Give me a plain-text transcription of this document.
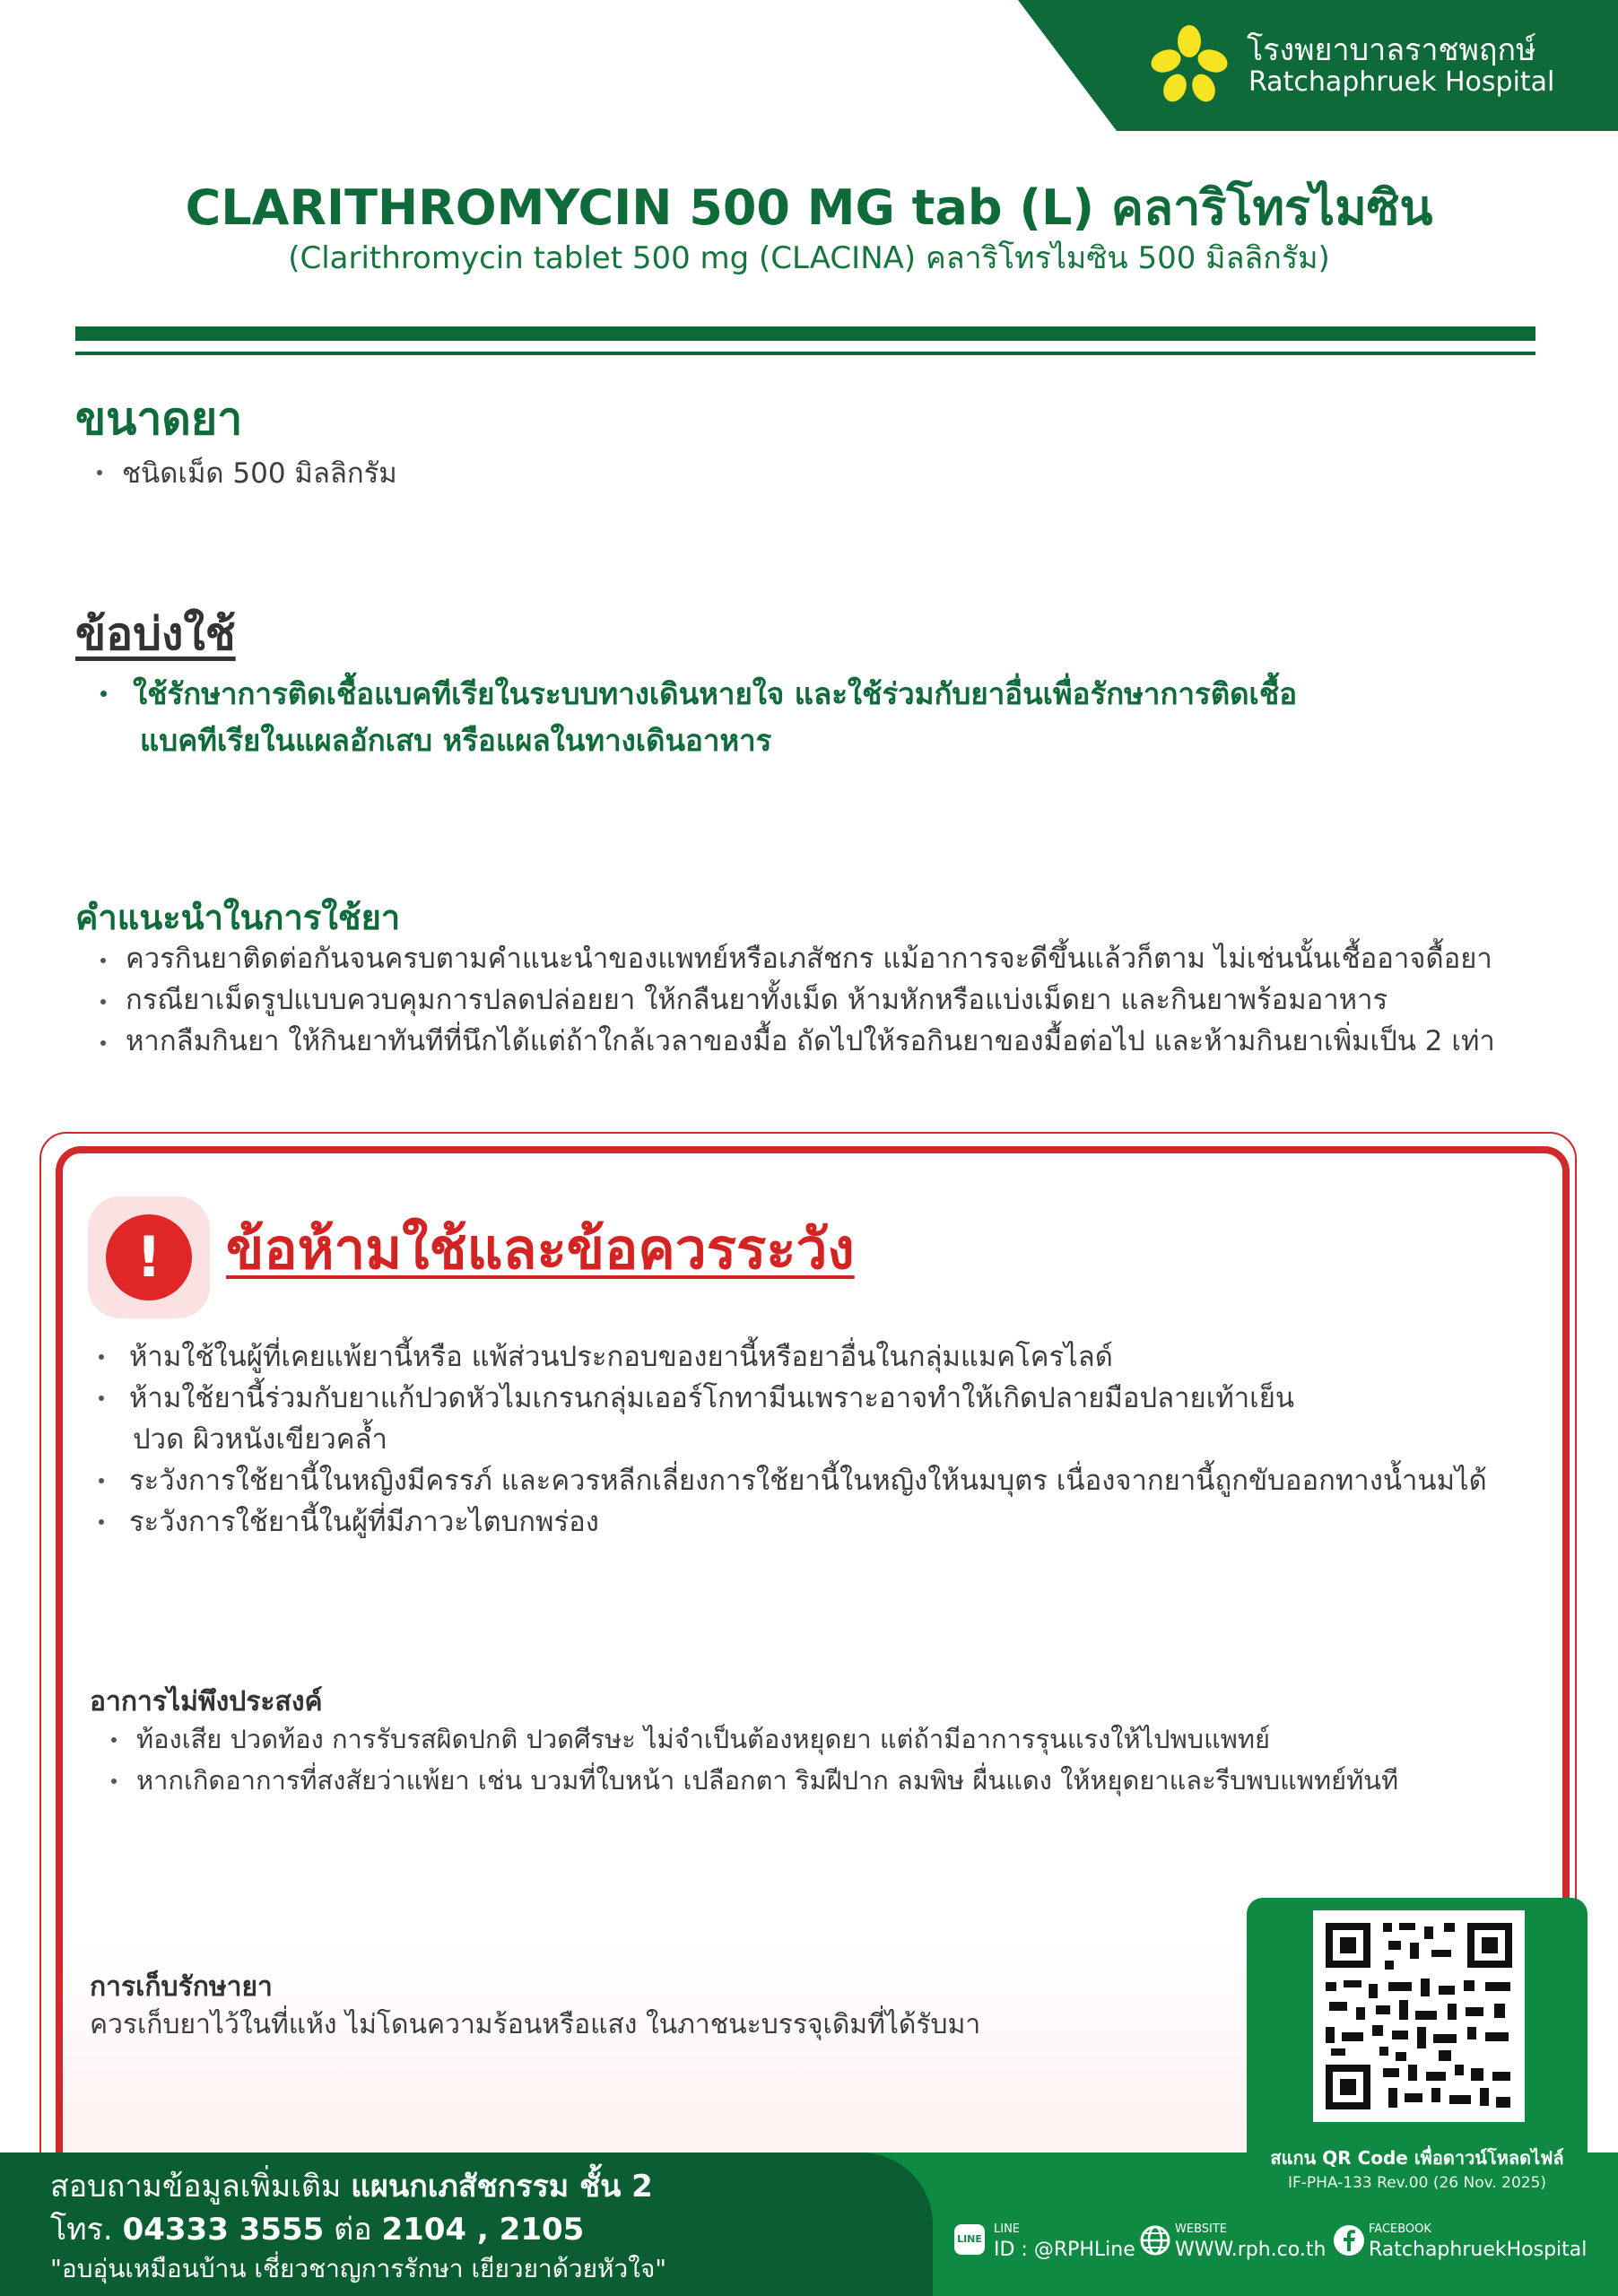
โรงพยาบาลราชพฤกษ์
Ratchaphruek Hospital
CLARITHROMYCIN 500 MG tab (L) คลาริโทรไมซิน
(Clarithromycin tablet 500 mg (CLACINA) คลาริโทรไมซิน 500 มิลลิกรัม)
ขนาดยา
ชนิดเม็ด 500 มิลลิกรัม
ข้อบ่งใช้
ใช้รักษาการติดเชื้อแบคทีเรียในระบบทางเดินหายใจ และใช้ร่วมกับยาอื่นเพื่อรักษาการติดเชื้อ
แบคทีเรียในแผลอักเสบ หรือแผลในทางเดินอาหาร
คำแนะนำในการใช้ยา
ควรกินยาติดต่อกันจนครบตามคำแนะนำของแพทย์หรือเภสัชกร แม้อาการจะดีขึ้นแล้วก็ตาม ไม่เช่นนั้นเชื้ออาจดื้อยา
กรณียาเม็ดรูปแบบควบคุมการปลดปล่อยยา ให้กลืนยาทั้งเม็ด ห้ามหักหรือแบ่งเม็ดยา และกินยาพร้อมอาหาร
หากลืมกินยา ให้กินยาทันทีที่นึกได้แต่ถ้าใกล้เวลาของมื้อ ถัดไปให้รอกินยาของมื้อต่อไป และห้ามกินยาเพิ่มเป็น 2 เท่า
!	ข้อห้ามใช้และข้อควรระวัง
ห้ามใช้ในผู้ที่เคยแพ้ยานี้หรือ แพ้ส่วนประกอบของยานี้หรือยาอื่นในกลุ่มแมคโครไลด์
ห้ามใช้ยานี้ร่วมกับยาแก้ปวดหัวไมเกรนกลุ่มเออร์โกทามีนเพราะอาจทำให้เกิดปลายมือปลายเท้าเย็น
ปวด ผิวหนังเขียวคล้ำ
ระวังการใช้ยานี้ในหญิงมีครรภ์ และควรหลีกเลี่ยงการใช้ยานี้ในหญิงให้นมบุตร เนื่องจากยานี้ถูกขับออกทางน้ำนมได้
ระวังการใช้ยานี้ในผู้ที่มีภาวะไตบกพร่อง
อาการไม่พึงประสงค์
ท้องเสีย ปวดท้อง การรับรสผิดปกติ ปวดศีรษะ ไม่จำเป็นต้องหยุดยา แต่ถ้ามีอาการรุนแรงให้ไปพบแพทย์
หากเกิดอาการที่สงสัยว่าแพ้ยา เช่น บวมที่ใบหน้า เปลือกตา ริมฝีปาก ลมพิษ ผื่นแดง ให้หยุดยาและรีบพบแพทย์ทันที
การเก็บรักษายา
ควรเก็บยาไว้ในที่แห้ง ไม่โดนความร้อนหรือแสง ในภาชนะบรรจุเดิมที่ได้รับมา
สอบถามข้อมูลเพิ่มเติม แผนกเภสัชกรรม ชั้น 2
โทร. 04333 3555 ต่อ 2104 , 2105
"อบอุ่นเหมือนบ้าน เชี่ยวชาญการรักษา เยียวยาด้วยหัวใจ"
สแกน QR Code เพื่อดาวน์โหลดไฟล์
IF-PHA-133 Rev.00 (26 Nov. 2025)
LINE
LINE
ID : @RPHLine
WEBSITE
WWW.rph.co.th
FACEBOOK
RatchaphruekHospital
